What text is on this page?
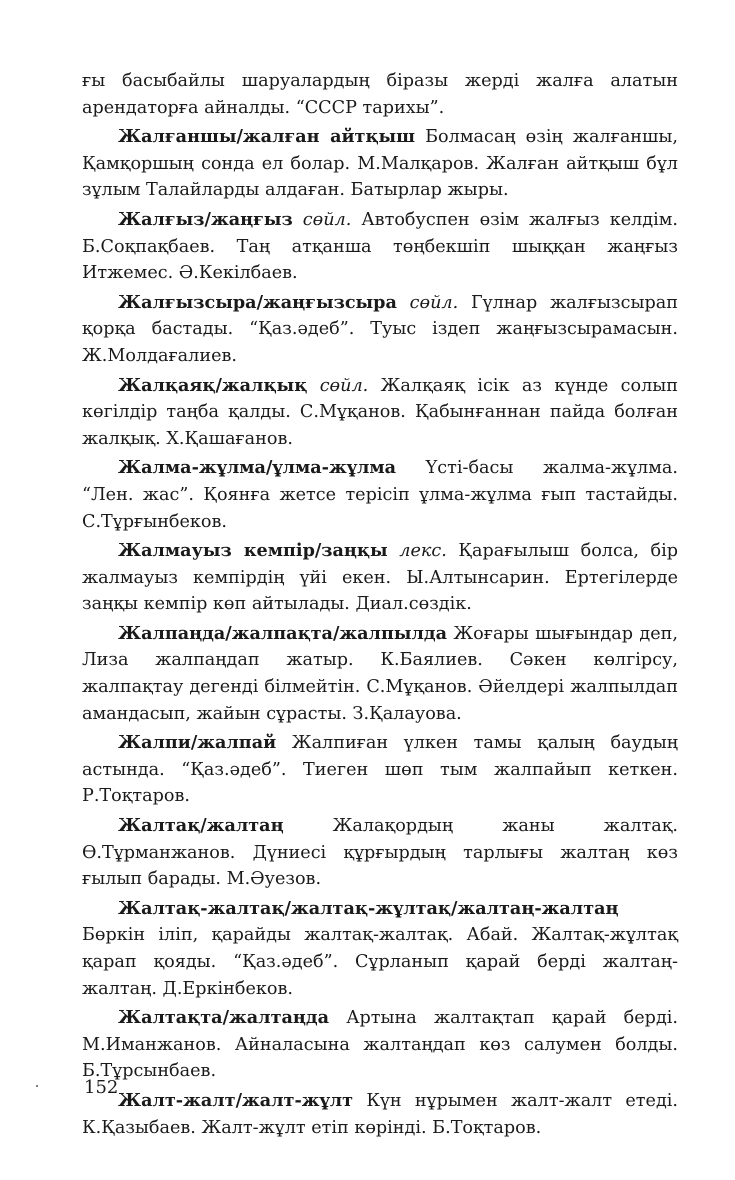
ғы басыбайлы шаруалардың біразы жерді жалға алатын арендаторға айналды. “СССР тарихы”.

Жалғаншы/жалған айтқыш Болмасаң өзің жалғаншы, Қамқоршың сонда ел болар. М.Малқаров. Жалған айтқыш бұл зұлым Талайларды алдаған. Батырлар жыры.

Жалғыз/жаңғыз сөйл. Автобуспен өзім жалғыз келдім. Б.Соқпақбаев. Таң атқанша төңбекшіп шыққан жаңғыз Итжемес. Ә.Кекілбаев.

Жалғызсыра/жаңғызсыра сөйл. Гүлнар жалғызсырап қорқа бастады. “Қаз.әдеб”. Туыс іздеп жаңғызсырамасын. Ж.Молдағалиев.

Жалқаяқ/жалқық сөйл. Жалқаяқ ісік аз күнде солып көгілдір таңба қалды. С.Мұқанов. Қабынғаннан пайда болған жалқық. Х.Қашағанов.

Жалма-жұлма/ұлма-жұлма Үсті-басы жалма-жұлма. “Лен. жас”. Қоянға жетсе терісіп ұлма-жұлма ғып тастайды. С.Тұрғынбеков.

Жалмауыз кемпір/заңқы лекс. Қарағылыш болса, бір жалмауыз кемпірдің үйі екен. Ы.Алтынсарин. Ертегілерде заңқы кемпір көп айтылады. Диал.сөздік.

Жалпаңда/жалпақта/жалпылда Жоғары шығындар деп, Лиза жалпаңдап жатыр. К.Баялиев. Сәкен көлгірсу, жалпақтау дегенді білмейтін. С.Мұқанов. Әйелдері жалпылдап амандасып, жайын сұрасты. З.Қалауова.

Жалпи/жалпай Жалпиған үлкен тамы қалың баудың астында. “Қаз.әдеб”. Тиеген шөп тым жалпайып кеткен. Р.Тоқтаров.

Жалтақ/жалтаң	Жалақордың жаны жалтақ. Ө.Тұрманжанов. Дүниесі құрғырдың тарлығы жалтаң көз ғылып барады. М.Әуезов.

Жалтақ-жалтақ/жалтақ-жұлтақ/жалтаң-жалтаң Бөркін іліп, қарайды жалтақ-жалтақ. Абай. Жалтақ-жұлтақ қарап қояды. “Қаз.әдеб”. Сұрланып қарай берді жалтаң-жалтаң. Д.Еркінбеков.

Жалтақта/жалтаңда Артына жалтақтап қарай берді. М.Иманжанов. Айналасына жалтаңдап көз салумен болды. Б.Тұрсынбаев.

Жалт-жалт/жалт-жұлт Күн нұрымен жалт-жалт етеді. К.Қазыбаев. Жалт-жұлт етіп көрінді. Б.Тоқтаров.

152
